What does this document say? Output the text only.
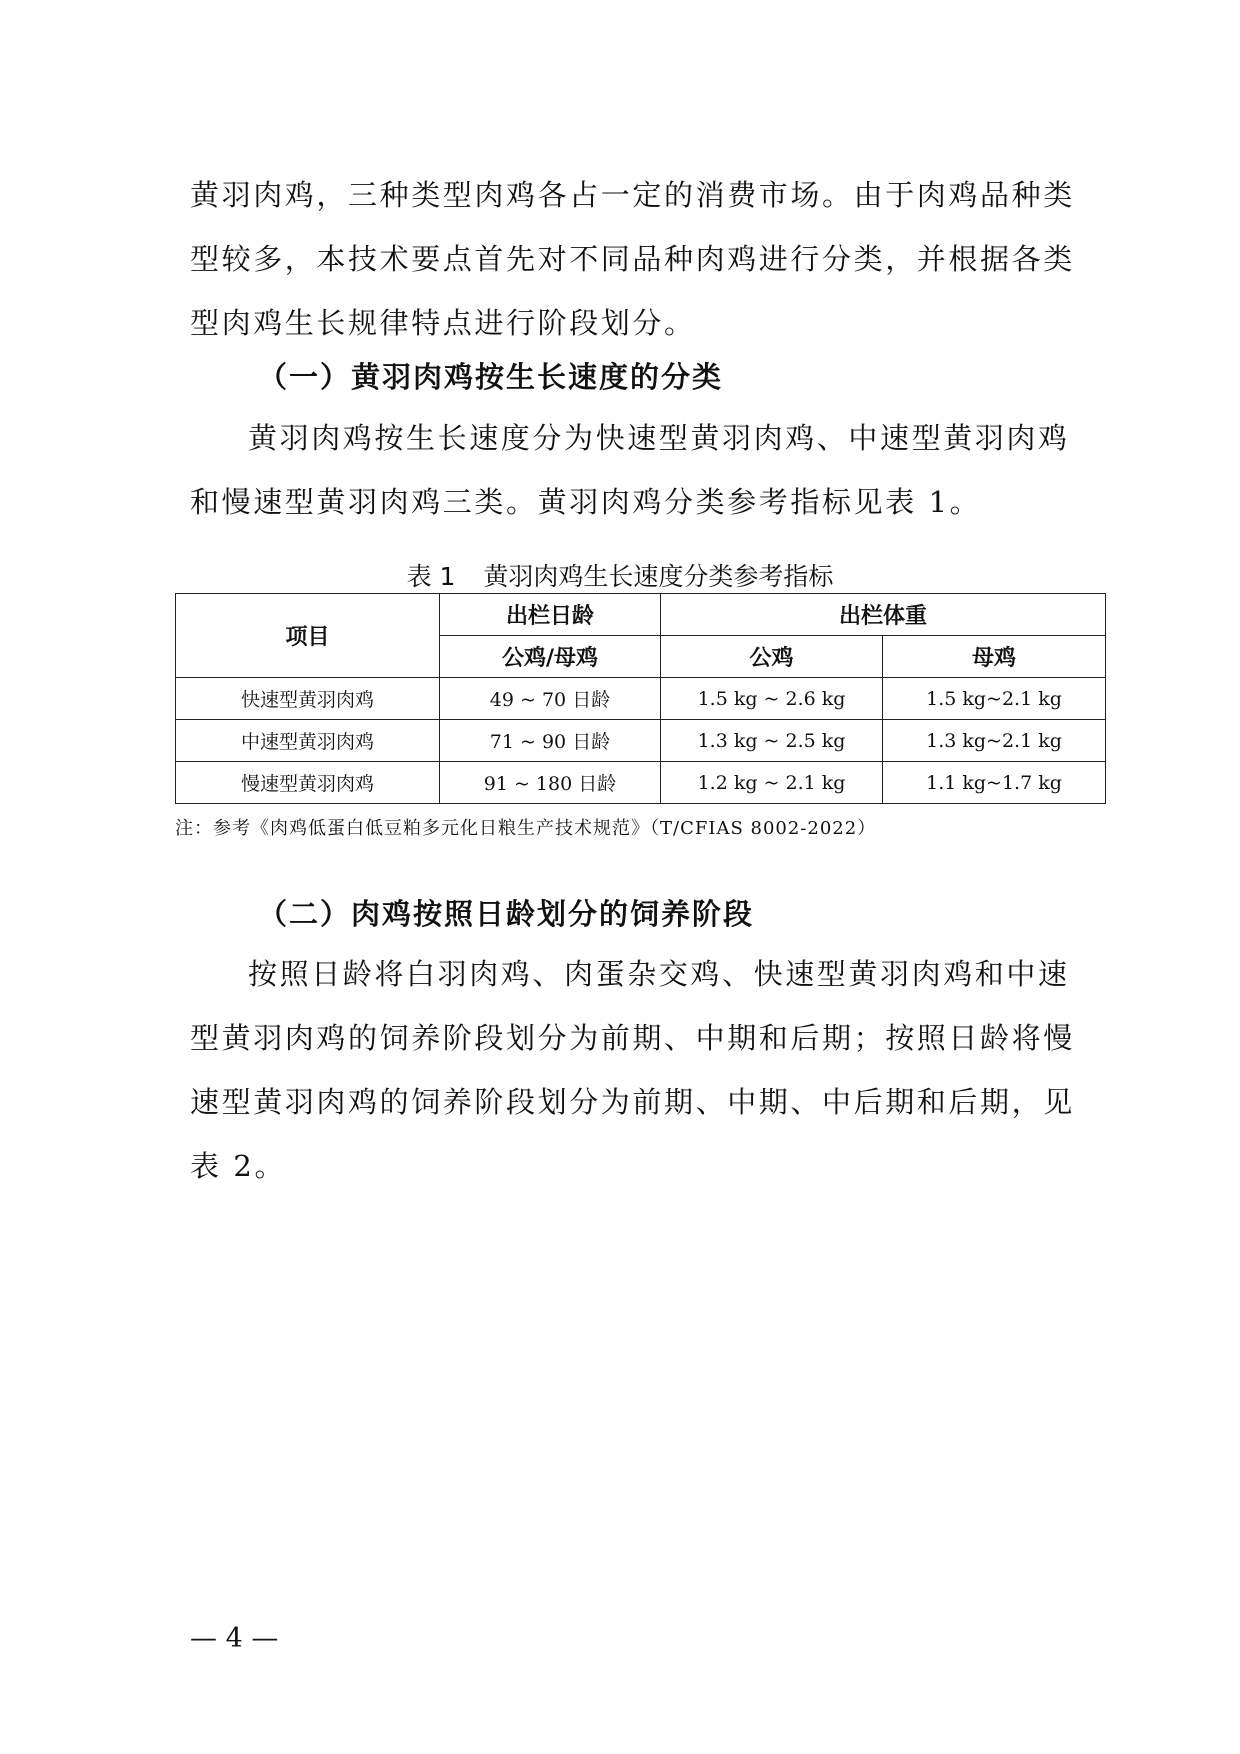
黄羽肉鸡，三种类型肉鸡各占一定的消费市场。由于肉鸡品种类
型较多，本技术要点首先对不同品种肉鸡进行分类，并根据各类
型肉鸡生长规律特点进行阶段划分。
（一）黄羽肉鸡按生长速度的分类
黄羽肉鸡按生长速度分为快速型黄羽肉鸡、中速型黄羽肉鸡
和慢速型黄羽肉鸡三类。黄羽肉鸡分类参考指标见表 1。
表 1 黄羽肉鸡生长速度分类参考指标
项目	出栏日龄	出栏体重	
	公鸡/母鸡	公鸡	母鸡
快速型黄羽肉鸡	49 ~ 70 日龄	1.5 kg ~ 2.6 kg	1.5 kg~2.1 kg
中速型黄羽肉鸡	71 ~ 90 日龄	1.3 kg ~ 2.5 kg	1.3 kg~2.1 kg
慢速型黄羽肉鸡	91 ~ 180 日龄	1.2 kg ~ 2.1 kg	1.1 kg~1.7 kg
注：参考《肉鸡低蛋白低豆粕多元化日粮生产技术规范》（T/CFIAS 8002-2022）
（二）肉鸡按照日龄划分的饲养阶段
按照日龄将白羽肉鸡、肉蛋杂交鸡、快速型黄羽肉鸡和中速
型黄羽肉鸡的饲养阶段划分为前期、中期和后期；按照日龄将慢
速型黄羽肉鸡的饲养阶段划分为前期、中期、中后期和后期，见
表 2。
— 4 —
